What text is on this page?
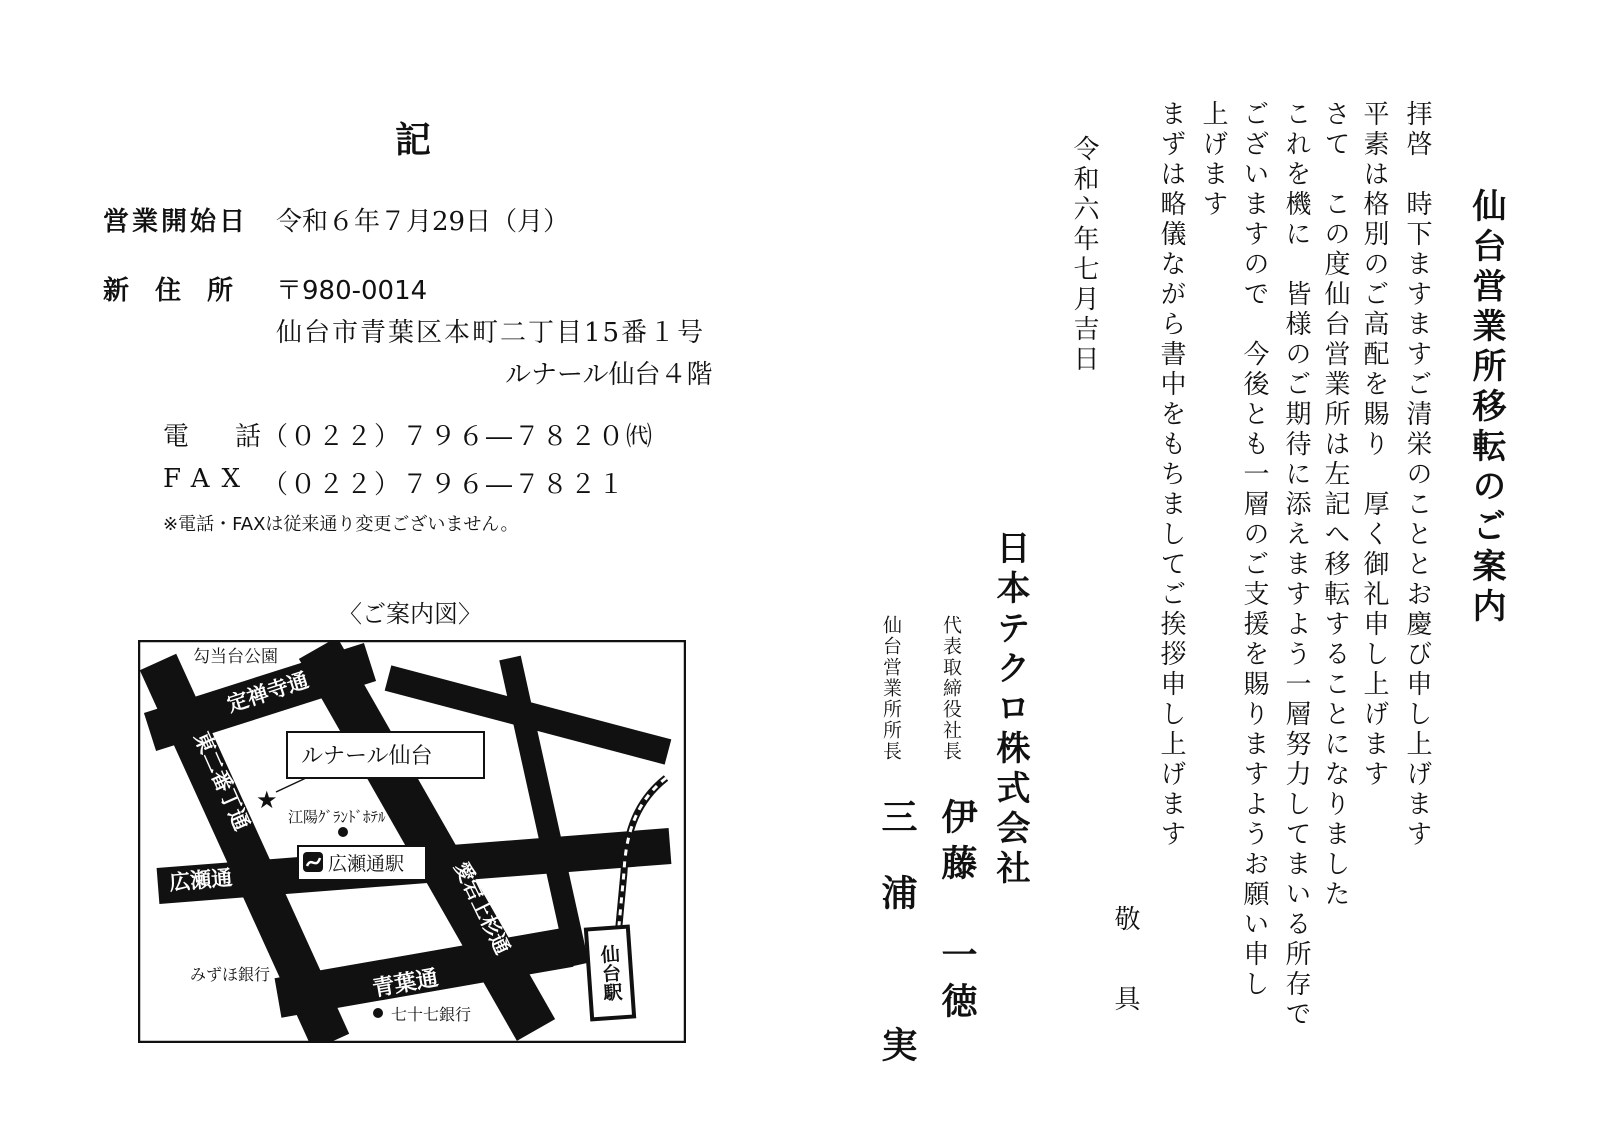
仙台営業所移転のご案内
拝啓　時下ますますご清栄のこととお慶び申し上げます
平素は格別のご高配を賜り　厚く御礼申し上げます
さて　この度仙台営業所は左記へ移転することになりました
これを機に　皆様のご期待に添えますよう一層努力してまいる所存で
ございますので　今後とも一層のご支援を賜りますようお願い申し
上げます
まずは略儀ながら書中をもちましてご挨拶申し上げます
敬　具
令和六年七月吉日
日本テクロ株式会社
代表取締役社長
伊藤　一徳
仙台営業所所長
三浦　実
記
営業開始日 令和６年７月29日（月）
新　住　所 〒980-0014
仙台市青葉区本町二丁目15番１号
ルナール仙台４階
電　話
（０２２）７９６―７８２０㈹
FAX （０２２）７９６―７８２１
※電話・FAXは従来通り変更ございません。
〈ご案内図〉
仙台駅
勾当台公園
定禅寺通
東二番丁通 ルナール仙台
★
江陽ｸﾞﾗﾝﾄﾞﾎﾃﾙ
広瀬通
広瀬通駅 愛宕上杉通
みずほ銀行	青葉通
七十七銀行
